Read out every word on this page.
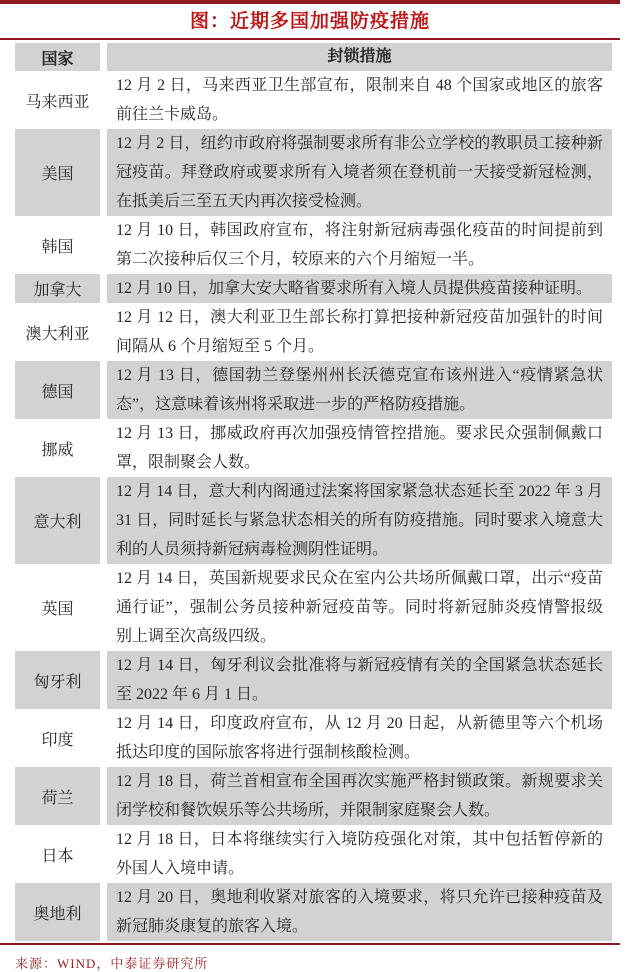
图：近期多国加强防疫措施
国家	封锁措施
马来西亚
12 月 2 日，马来西亚卫生部宣布，限制来自 48 个国家或地区的旅客前往兰卡威岛。
美国
12 月 2 日，纽约市政府将强制要求所有非公立学校的教职员工接种新冠疫苗。拜登政府或要求所有入境者须在登机前一天接受新冠检测，在抵美后三至五天内再次接受检测。
韩国
12 月 10 日，韩国政府宣布，将注射新冠病毒强化疫苗的时间提前到第二次接种后仅三个月，较原来的六个月缩短一半。
加拿大	12 月 10 日，加拿大安大略省要求所有入境人员提供疫苗接种证明。
澳大利亚
12 月 12 日，澳大利亚卫生部长称打算把接种新冠疫苗加强针的时间间隔从 6 个月缩短至 5 个月。
德国
12 月 13 日，德国勃兰登堡州州长沃德克宣布该州进入“疫情紧急状态”，这意味着该州将采取进一步的严格防疫措施。
挪威
12 月 13 日，挪威政府再次加强疫情管控措施。要求民众强制佩戴口罩，限制聚会人数。
意大利
12 月 14 日，意大利内阁通过法案将国家紧急状态延长至 2022 年 3 月 31 日，同时延长与紧急状态相关的所有防疫措施。同时要求入境意大利的人员须持新冠病毒检测阴性证明。
英国
12 月 14 日，英国新规要求民众在室内公共场所佩戴口罩，出示“疫苗通行证”，强制公务员接种新冠疫苗等。同时将新冠肺炎疫情警报级别上调至次高级四级。
匈牙利
12 月 14 日，匈牙利议会批准将与新冠疫情有关的全国紧急状态延长至 2022 年 6 月 1 日。
印度
12 月 14 日，印度政府宣布，从 12 月 20 日起，从新德里等六个机场抵达印度的国际旅客将进行强制核酸检测。
荷兰
12 月 18 日，荷兰首相宣布全国再次实施严格封锁政策。新规要求关闭学校和餐饮娱乐等公共场所，并限制家庭聚会人数。
日本
12 月 18 日，日本将继续实行入境防疫强化对策，其中包括暂停新的外国人入境申请。
奥地利
12 月 20 日，奥地利收紧对旅客的入境要求，将只允许已接种疫苗及新冠肺炎康复的旅客入境。
来源：WIND，中泰证券研究所
